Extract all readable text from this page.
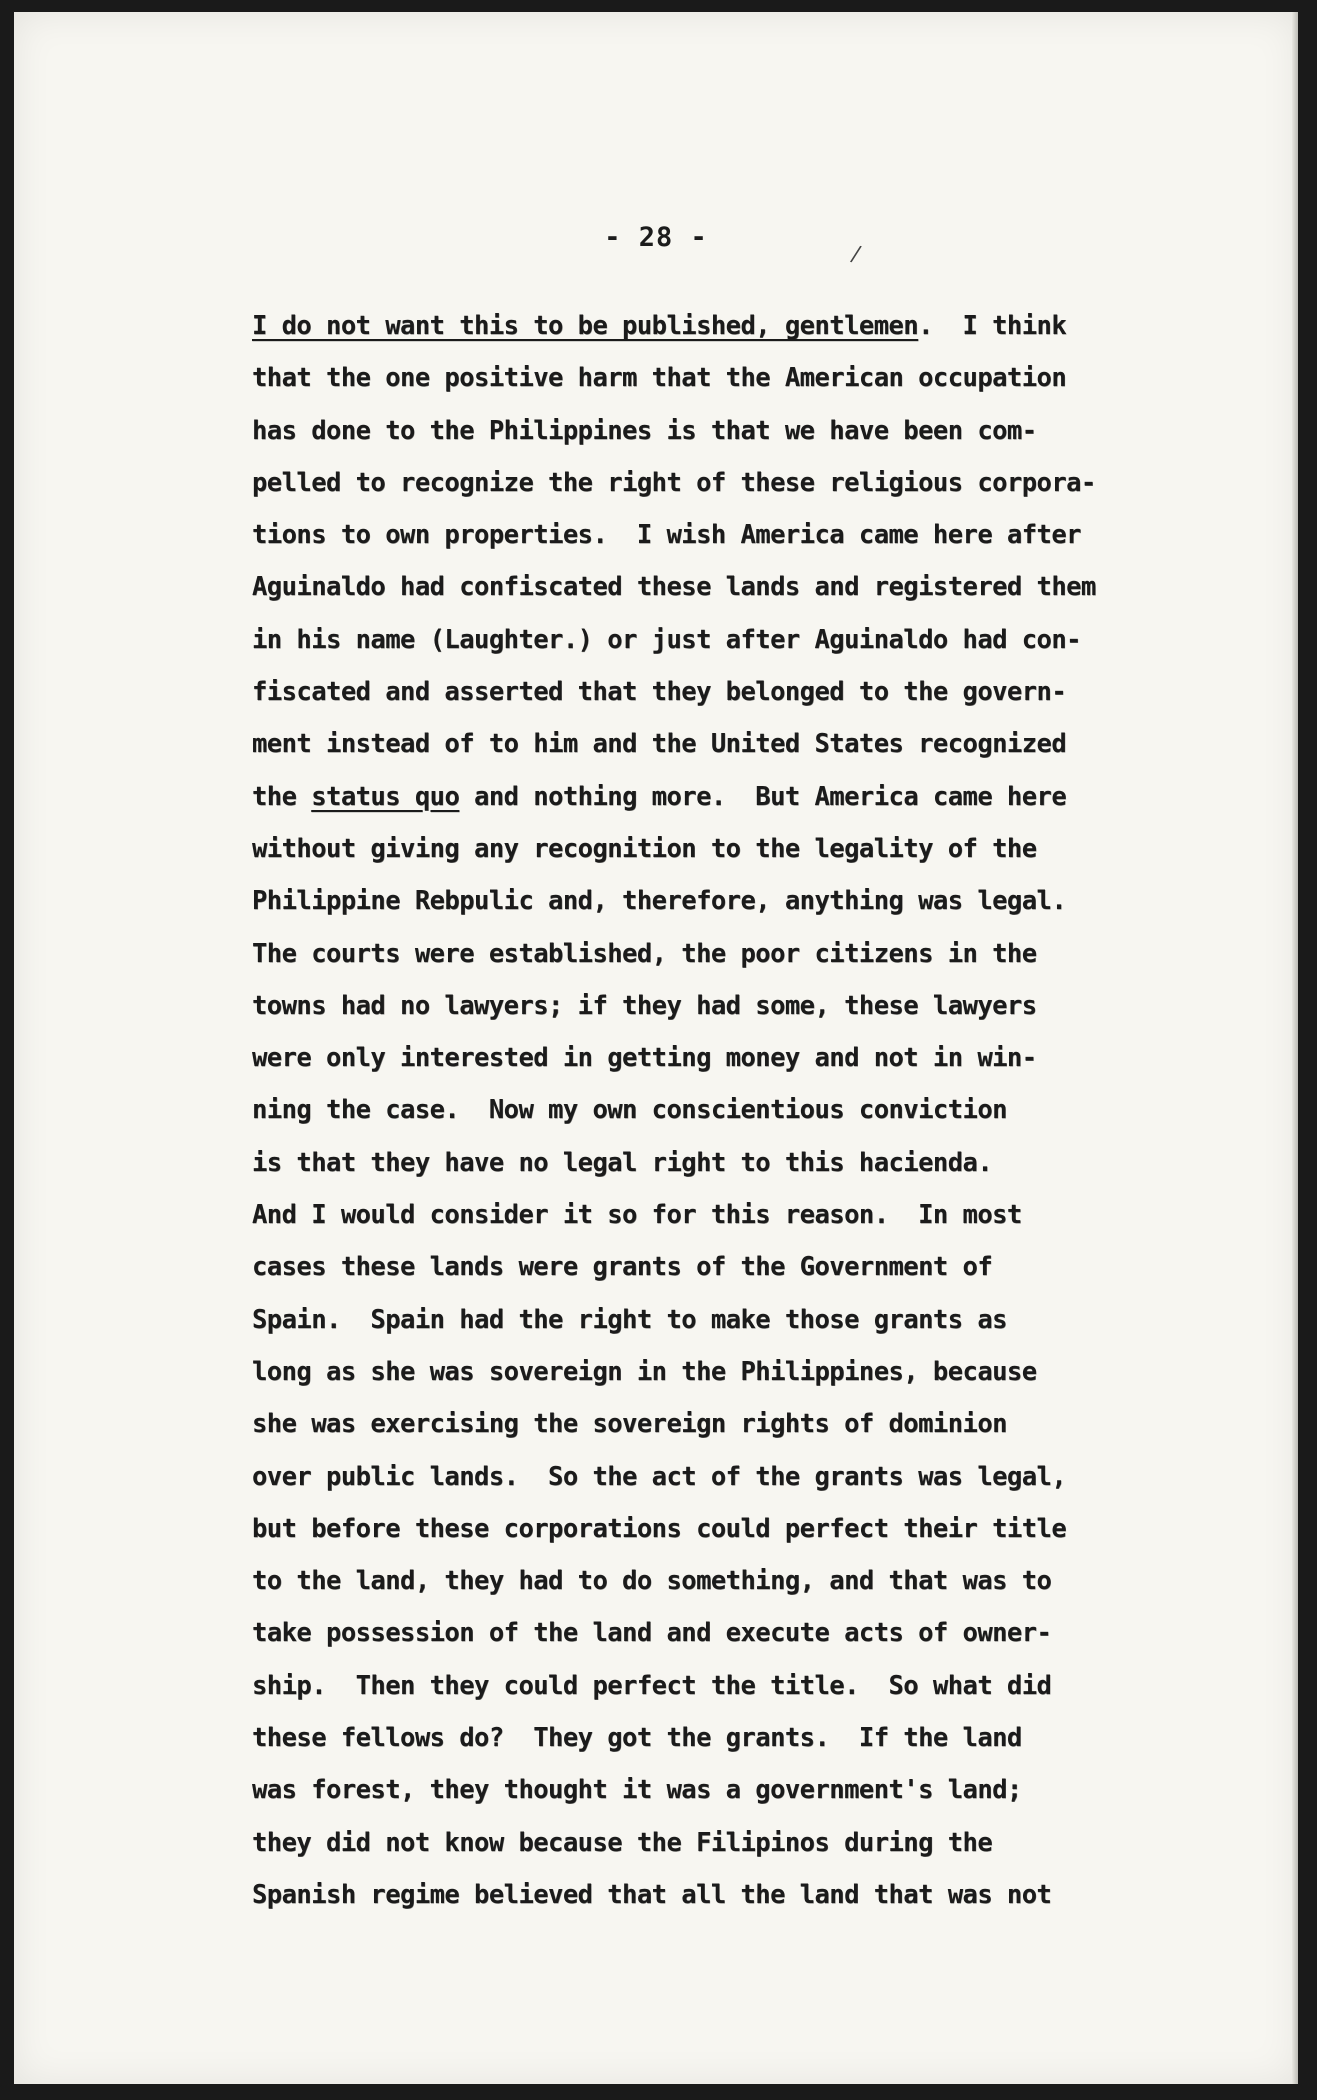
/
- 28 -
I do not want this to be published, gentlemen.  I think
that the one positive harm that the American occupation
has done to the Philippines is that we have been com-
pelled to recognize the right of these religious corpora-
tions to own properties.  I wish America came here after
Aguinaldo had confiscated these lands and registered them
in his name (Laughter.) or just after Aguinaldo had con-
fiscated and asserted that they belonged to the govern-
ment instead of to him and the United States recognized
the status quo and nothing more.  But America came here
without giving any recognition to the legality of the
Philippine Rebpulic and, therefore, anything was legal.
The courts were established, the poor citizens in the
towns had no lawyers; if they had some, these lawyers
were only interested in getting money and not in win-
ning the case.  Now my own conscientious conviction
is that they have no legal right to this hacienda.
And I would consider it so for this reason.  In most
cases these lands were grants of the Government of
Spain.  Spain had the right to make those grants as
long as she was sovereign in the Philippines, because
she was exercising the sovereign rights of dominion
over public lands.  So the act of the grants was legal,
but before these corporations could perfect their title
to the land, they had to do something, and that was to
take possession of the land and execute acts of owner-
ship.  Then they could perfect the title.  So what did
these fellows do?  They got the grants.  If the land
was forest, they thought it was a government's land;
they did not know because the Filipinos during the
Spanish regime believed that all the land that was not
